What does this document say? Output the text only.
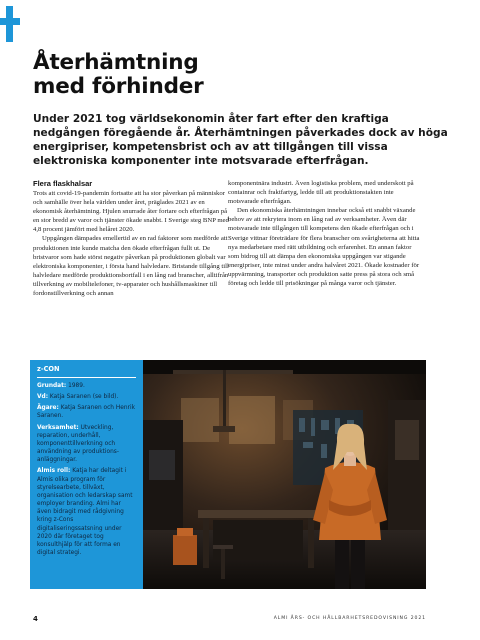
Återhämtning
med förhinder

Under 2021 tog världsekonomin åter fart efter den kraftiga nedgången föregående år. Återhämtningen påverkades dock av höga energipriser, kompetensbrist och av att tillgången till vissa elektroniska komponenter inte motsvarade efterfrågan.

Flera flaskhalsar

Trots att covid-19-pandemin fortsatte att ha stor påverkan på människor och samhälle över hela världen under året, präglades 2021 av en ekonomisk återhämtning. Hjulen snurrade åter fortare och efterfrågan på en stor bredd av varor och tjänster ökade snabbt. I Sverige steg BNP med 4,8 procent jämfört med helåret 2020.

Uppgången dämpades emellertid av en rad faktorer som medförde att produktionen inte kunde matcha den ökade efterfrågan fullt ut. De bristvaror som hade störst negativ påverkan på produktionen globalt var elektroniska komponenter, i första hand halvledare. Bristande tillgång till halvledare medförde produktionsbortfall i en lång rad branscher, alltifrån tillverkning av mobiltelefoner, tv-apparater och hushållsmaskiner till fordonstillverkning och annan

komponentnära industri. Även logistiska problem, med underskott på containrar och fraktfartyg, ledde till att produktionstakten inte motsvarade efterfrågan.

Den ekonomiska återhämtningen innebar också ett snabbt växande behov av att rekrytera inom en lång rad av verksamheter. Även där motsvarade inte tillgången till kompetens den ökade efterfrågan och i Sverige vittnar företrädare för flera branscher om svårigheterna att hitta nya medarbetare med rätt utbildning och erfarenhet. En annan faktor som bidrog till att dämpa den ekonomiska uppgången var stigande energipriser, inte minst under andra halvåret 2021. Ökade kostnader för uppvärmning, transporter och produktion satte press på stora och små företag och ledde till prisökningar på många varor och tjänster.

z-CON

Grundat: 1989.

Vd: Katja Saranen (se bild).

Ägare: Katja Saranen och Henrik Saranen.

Verksamhet: Utveckling, reparation, underhåll, komponenttillverkning och användning av produktions-anläggningar.

Almis roll: Katja har deltagit i Almis olika program för styrelsearbete, tillväxt, organisation och ledarskap samt employer branding. Almi har även bidragit med rådgivning kring z-Cons digitaliseringssatsning under 2020 där företaget tog konsulthjälp för att forma en digital strategi.

4	ALMI ÅRS- OCH HÅLLBARHETSREDOVISNING 2021
